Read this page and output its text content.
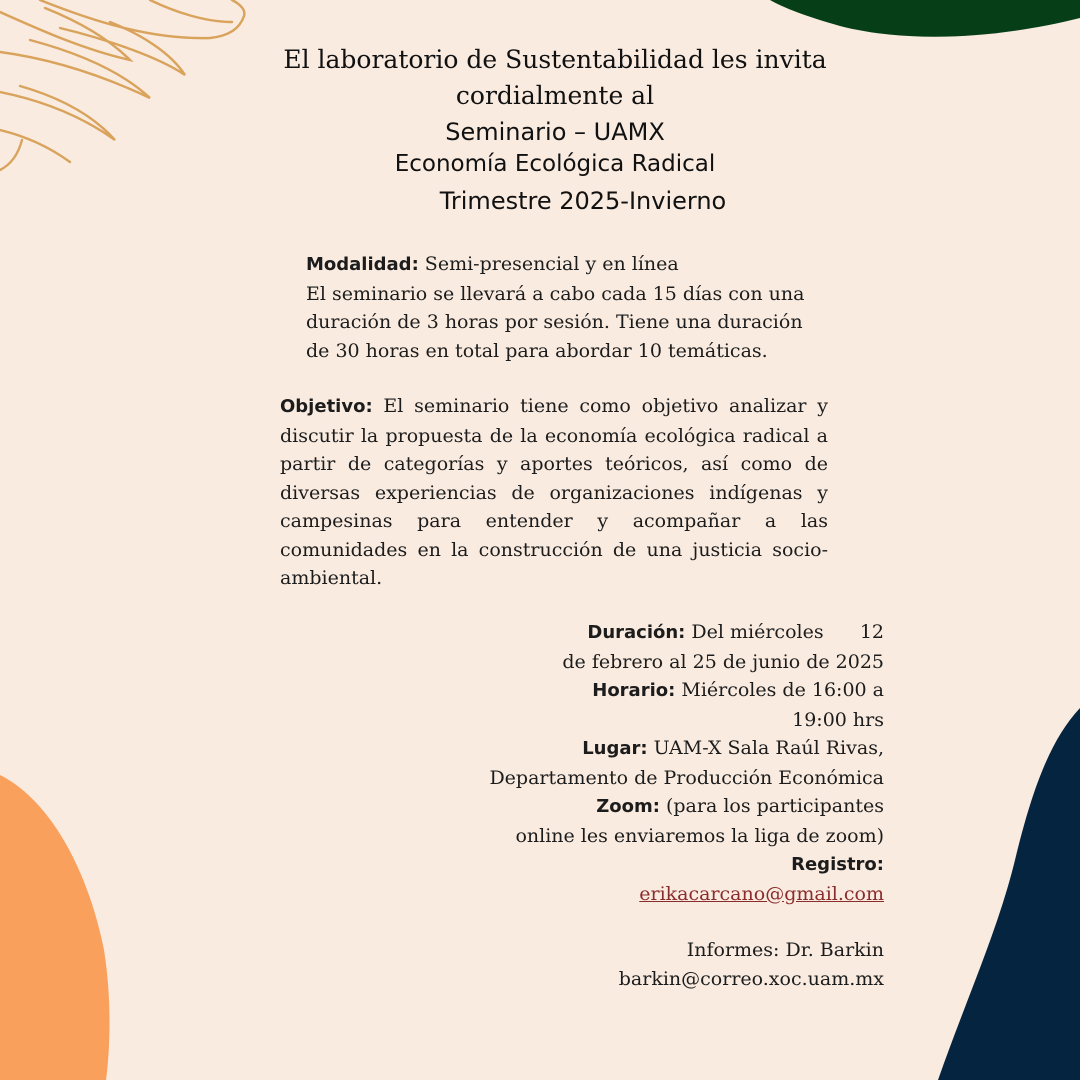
El laboratorio de Sustentabilidad les invita
cordialmente al
Seminario – UAMX
Economía Ecológica Radical
Trimestre 2025-Invierno
Modalidad: Semi-presencial y en línea
El seminario se llevará a cabo cada 15 días con una
duración de 3 horas por sesión. Tiene una duración
de 30 horas en total para abordar 10 temáticas.
Objetivo: El seminario tiene como objetivo analizar y discutir la propuesta de la economía ecológica radical a partir de categorías y aportes teóricos, así como de diversas experiencias de organizaciones indígenas y campesinas para entender y acompañar a las comunidades en la construcción de una justicia socio-ambiental.
Duración: Del miércoles      12
de febrero al 25 de junio de 2025
Horario: Miércoles de 16:00 a
19:00 hrs
Lugar: UAM-X Sala Raúl Rivas,
Departamento de Producción Económica
Zoom: (para los participantes
online les enviaremos la liga de zoom)
Registro:
erikacarcano@gmail.com
Informes: Dr. Barkin
barkin@correo.xoc.uam.mx
